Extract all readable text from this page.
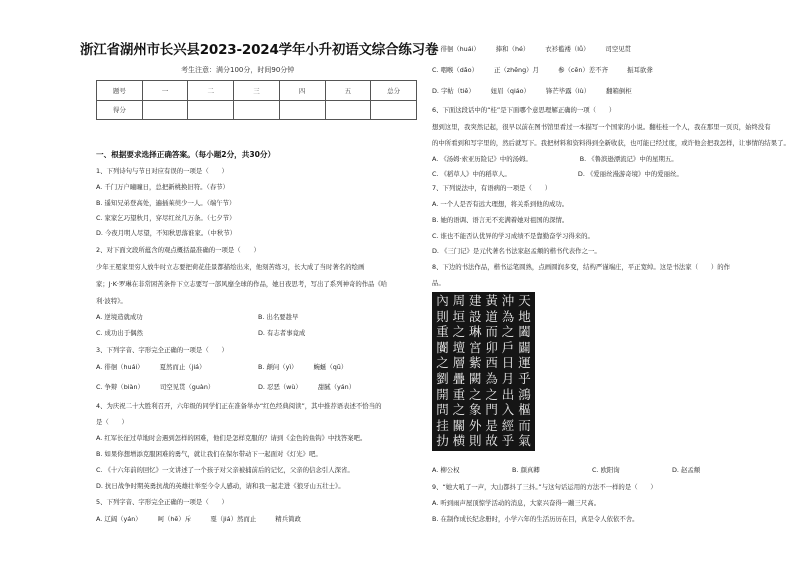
浙江省湖州市长兴县2023-2024学年小升初语文综合练习卷
考生注意：满分100分，时间90分钟
题号	一	二	三	四	五	总分
得分						
一、根据要求选择正确答案。（每小题2分，共30分）
1、下列诗句与节日对应有误的一项是（　　）
A. 千门万户曈曈日，总把新桃换旧符。（春节）
B. 遥知兄弟登高处，遍插茱萸少一人。（端午节）
C. 家家乞巧望秋月，穿尽红丝几万条。（七夕节）
D. 今夜月明人尽望，不知秋思落谁家。（中秋节）
2、对下面文段所蕴含的观点概括最准确的一项是（　　）
少年王冕家里穷人放牛时立志要把荷花佳景都描绘出来，他刻苦练习，长大成了当时著名的绘画
家；J·K·罗琳在非常困苦条件下立志要写一部风靡全球的作品，她日夜思考，写出了系列神奇的作品《哈
利·波特》。
A. 逆境造就成功	B. 出名要趁早
C. 成功出于偶然	D. 有志者事竟成
3、下列字音、字形完全正确的一项是（　　）
A. 徘徊（huái）　　　夏然而止（jiá）	B. 颠问（yì）　　　蜿蜒（qū）
C. 争辩（biàn）　　　司空见贯（guàn）	D. 忍恶（wù）　　　甜腻（yán）
4、为庆祝二十大胜利召开，六年级的同学们正在准备举办“红色经典阅读”，其中推荐语表述不恰当的
是（　　）
A. 红军长征过草地时会遇到怎样的困难，他们是怎样克服的？请到《金色的鱼钩》中找答案吧。
B. 如果你想增添克服困难的勇气，就让我们在保尔带动下一起面对《灯光》吧。
C. 《十六年前的回忆》一文讲述了一个孩子对父亲被捕前后的记忆，父亲的信念引人深省。
D. 抗日战争时期英勇抗战的英雄壮举至今令人感动，请和我一起走进《狼牙山五壮士》。
5、下列字音、字形完全正确的一项是（　　）
A. 辽阔（yán）　　　呵（hē）斥　　　戛（jiá）然而止　　　精兵简政
B. 徘徊（huái）　　　捧和（hé）　　　衣衫褴褛（lǚ）　　　司空见贯
C. 咽喉（dǎo）　　　正（zhēng）月　　　参（cēn）差不齐　　　振耳欲聋
D. 字帖（tiě）　　　妞眉（qiáo）　　　锋芒毕露（lù）　　　翻箱倒柜
6、下面这段话中的“桂”是下面哪个意思理解正确的一项（　　）
想到这里，我突然记起，很早以前在图书馆里看过一本描写一个国家的小说。翻桂桂一个人，我在那里一页页，始终没有
的中所看到和写字里的，然后就写下。我把材料和资料得到全新收获，也可能已经过度，或许他会把我怎样，让事情的结果了。
A. 《汤姆·索亚历险记》中的汤姆。　　　　　　　　B. 《鲁滨逊漂流记》中的星期五。
C. 《稻草人》中的稻草人。　　　　　　　　　　　D. 《爱丽丝漫游奇境》中的爱丽丝。
7、下列说法中，有语病的一项是（　　）
A. 一个人是否有远大理想，将关系到他的成功。
B. 她的语调、语言无不充满着她对祖国的深情。
C. 谁也不能否认优异的学习成绩不是靠勤奋学习得来的。
D. 《三门记》是元代著名书法家赵孟頫的楷书代表作之一。
8、下边的书法作品，楷书运笔圆熟，点画圆润多变，结构严谨端庄，平正宽绰。这是书法家（　　）的作
品。
天
地
闔
闢
運
乎
鴻
樞
而
氣
沖
為
之
戶
日
月
出
入
經
乎
黃
道
而
卯
西
為
之
門
是
故
建
設
琳
宮
紫
闕
之
象
外
則
周
垣
之
壇
層
疊
重
之
關
横
內
則
重
闠
之
劉
開
問
挂
扐
A. 柳公权	B. 颜真卿	C. 欧阳询	D. 赵孟頫
9、“她大吼了一声，大山都抖了三抖。”与这句话运用的方法不一样的是（　　）
A. 听到雨声屋顶惊学活动的消息，大家兴奋得一蹦三尺高。
B. 在制作成长纪念册时，小学六年的生活历历在目，真是令人依依不舍。
